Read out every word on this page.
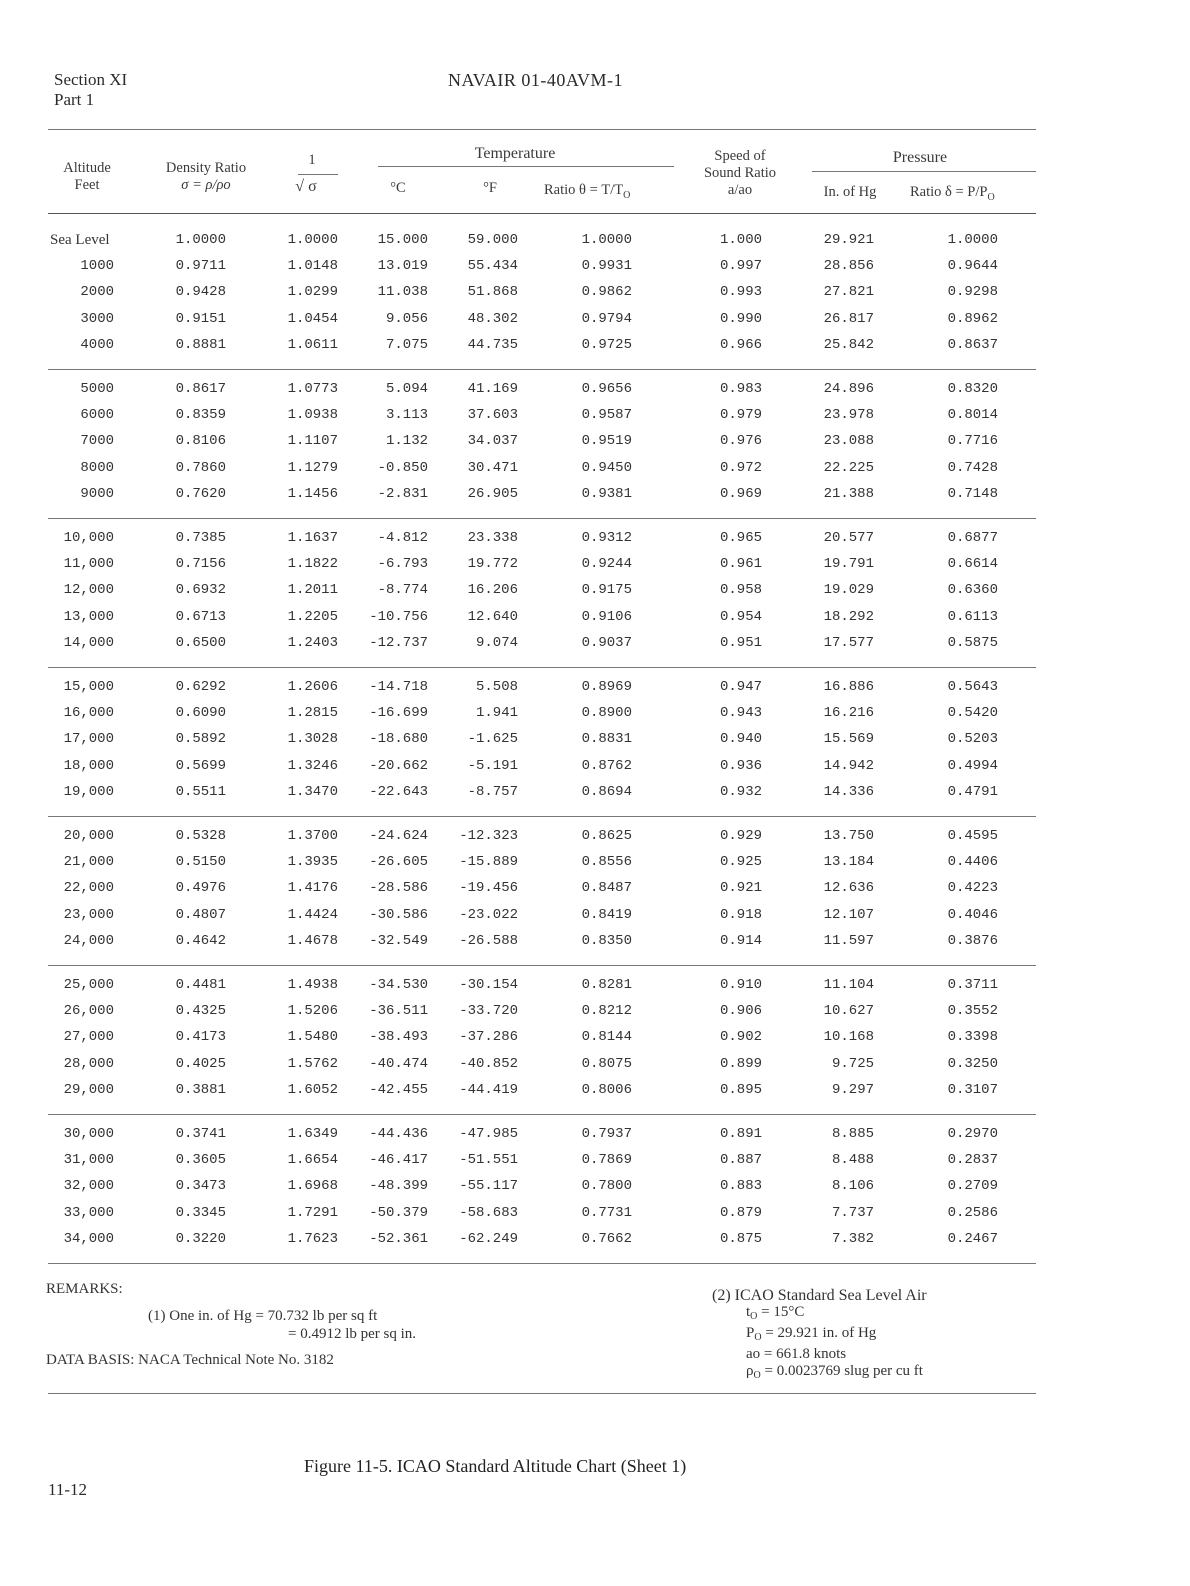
Section XI
Part 1
NAVAIR 01-40AVM-1
Altitude
Feet
Density Ratio
σ = ρ/ρo
1
√ σ
Temperature
°C	°F	Ratio $\theta = T/T_O$
Speed of
Sound Ratio
a/ao
Pressure
In. of Hg	Ratio $\delta = P/P_O$
Sea Level	1.0000	1.0000	15.000	59.000	1.0000	1.000	29.921	1.0000
1000	0.9711	1.0148	13.019	55.434	0.9931	0.997	28.856	0.9644
2000	0.9428	1.0299	11.038	51.868	0.9862	0.993	27.821	0.9298
3000	0.9151	1.0454	9.056	48.302	0.9794	0.990	26.817	0.8962
4000	0.8881	1.0611	7.075	44.735	0.9725	0.966	25.842	0.8637
5000	0.8617	1.0773	5.094	41.169	0.9656	0.983	24.896	0.8320
6000	0.8359	1.0938	3.113	37.603	0.9587	0.979	23.978	0.8014
7000	0.8106	1.1107	1.132	34.037	0.9519	0.976	23.088	0.7716
8000	0.7860	1.1279	-0.850	30.471	0.9450	0.972	22.225	0.7428
9000	0.7620	1.1456	-2.831	26.905	0.9381	0.969	21.388	0.7148
10,000	0.7385	1.1637	-4.812	23.338	0.9312	0.965	20.577	0.6877
11,000	0.7156	1.1822	-6.793	19.772	0.9244	0.961	19.791	0.6614
12,000	0.6932	1.2011	-8.774	16.206	0.9175	0.958	19.029	0.6360
13,000	0.6713	1.2205 -10.756	12.640	0.9106	0.954	18.292	0.6113
14,000	0.6500	1.2403 -12.737	9.074	0.9037	0.951	17.577	0.5875
15,000	0.6292	1.2606 -14.718	5.508	0.8969	0.947	16.886	0.5643
16,000	0.6090	1.2815 -16.699	1.941	0.8900	0.943	16.216	0.5420
17,000	0.5892	1.3028 -18.680	-1.625	0.8831	0.940	15.569	0.5203
18,000	0.5699	1.3246 -20.662	-5.191	0.8762	0.936	14.942	0.4994
19,000	0.5511	1.3470 -22.643	-8.757	0.8694	0.932	14.336	0.4791
20,000	0.5328	1.3700 -24.624 -12.323	0.8625	0.929	13.750	0.4595
21,000	0.5150	1.3935 -26.605 -15.889	0.8556	0.925	13.184	0.4406
22,000	0.4976	1.4176 -28.586 -19.456	0.8487	0.921	12.636	0.4223
23,000	0.4807	1.4424 -30.586 -23.022	0.8419	0.918	12.107	0.4046
24,000	0.4642	1.4678 -32.549 -26.588	0.8350	0.914	11.597	0.3876
25,000	0.4481	1.4938 -34.530 -30.154	0.8281	0.910	11.104	0.3711
26,000	0.4325	1.5206 -36.511 -33.720	0.8212	0.906	10.627	0.3552
27,000	0.4173	1.5480 -38.493 -37.286	0.8144	0.902	10.168	0.3398
28,000	0.4025	1.5762 -40.474 -40.852	0.8075	0.899	9.725	0.3250
29,000	0.3881	1.6052 -42.455 -44.419	0.8006	0.895	9.297	0.3107
30,000	0.3741	1.6349 -44.436 -47.985	0.7937	0.891	8.885	0.2970
31,000	0.3605	1.6654 -46.417 -51.551	0.7869	0.887	8.488	0.2837
32,000	0.3473	1.6968 -48.399 -55.117	0.7800	0.883	8.106	0.2709
33,000	0.3345	1.7291 -50.379 -58.683	0.7731	0.879	7.737	0.2586
34,000	0.3220	1.7623 -52.361 -62.249	0.7662	0.875	7.382	0.2467
REMARKS:
(1) One in. of Hg = 70.732 lb per sq ft
= 0.4912 lb per sq in.
DATA BASIS: NACA Technical Note No. 3182
(2) ICAO Standard Sea Level Air
$t_O = 15^\circ C$
$P_O = 29.921$ in. of Hg
ao = 661.8 knots
$\rho_O = 0.0023769$ slug per cu ft
Figure 11-5. ICAO Standard Altitude Chart (Sheet 1)
11-12
